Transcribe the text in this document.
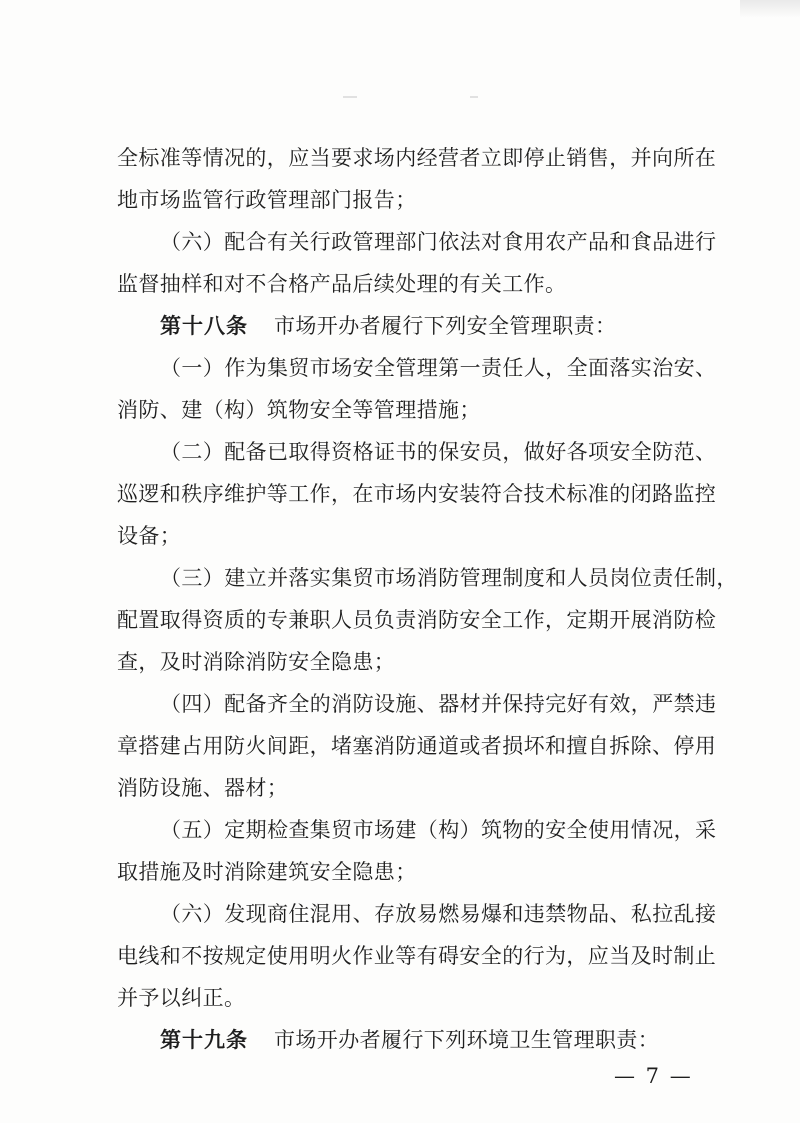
全标准等情况的，应当要求场内经营者立即停止销售，并向所在
地市场监管行政管理部门报告；
（六）配合有关行政管理部门依法对食用农产品和食品进行
监督抽样和对不合格产品后续处理的有关工作。
第十八条 市场开办者履行下列安全管理职责：
（一）作为集贸市场安全管理第一责任人，全面落实治安、
消防、建（构）筑物安全等管理措施；
（二）配备已取得资格证书的保安员，做好各项安全防范、
巡逻和秩序维护等工作，在市场内安装符合技术标准的闭路监控
设备；
（三）建立并落实集贸市场消防管理制度和人员岗位责任制，
配置取得资质的专兼职人员负责消防安全工作，定期开展消防检
查，及时消除消防安全隐患；
（四）配备齐全的消防设施、器材并保持完好有效，严禁违
章搭建占用防火间距，堵塞消防通道或者损坏和擅自拆除、停用
消防设施、器材；
（五）定期检查集贸市场建（构）筑物的安全使用情况，采
取措施及时消除建筑安全隐患；
（六）发现商住混用、存放易燃易爆和违禁物品、私拉乱接
电线和不按规定使用明火作业等有碍安全的行为，应当及时制止
并予以纠正。
第十九条 市场开办者履行下列环境卫生管理职责：
— 7 —
